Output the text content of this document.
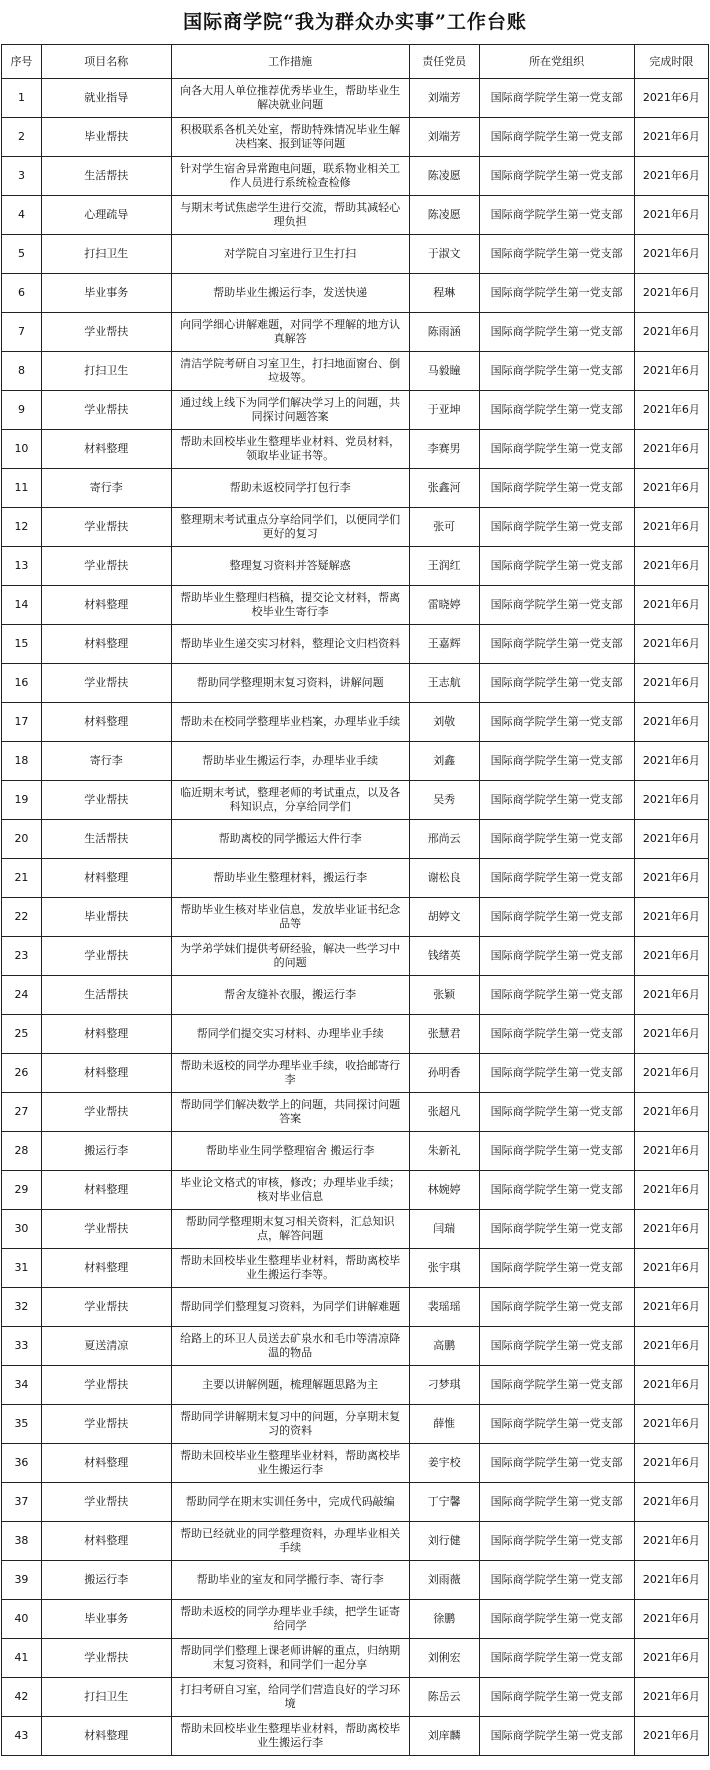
国际商学院“我为群众办实事”工作台账
序号	项目名称	工作措施	责任党员	所在党组织	完成时限
1	就业指导	向各大用人单位推荐优秀毕业生，帮助毕业生解决就业问题	刘端芳	国际商学院学生第一党支部	2021年6月
2	毕业帮扶	积极联系各机关处室，帮助特殊情况毕业生解决档案、报到证等问题	刘端芳	国际商学院学生第一党支部	2021年6月
3	生活帮扶	针对学生宿舍异常跑电问题，联系物业相关工作人员进行系统检查检修	陈凌愿	国际商学院学生第一党支部	2021年6月
4	心理疏导	与期末考试焦虑学生进行交流，帮助其减轻心理负担	陈凌愿	国际商学院学生第一党支部	2021年6月
5	打扫卫生	对学院自习室进行卫生打扫	于淑文	国际商学院学生第一党支部	2021年6月
6	毕业事务	帮助毕业生搬运行李，发送快递	程琳	国际商学院学生第一党支部	2021年6月
7	学业帮扶	向同学细心讲解难题，对同学不理解的地方认真解答	陈雨涵	国际商学院学生第一党支部	2021年6月
8	打扫卫生	清洁学院考研自习室卫生，打扫地面窗台、倒垃圾等。	马毅瞳	国际商学院学生第一党支部	2021年6月
9	学业帮扶	通过线上线下为同学们解决学习上的问题，共同探讨问题答案	于亚坤	国际商学院学生第一党支部	2021年6月
10	材料整理	帮助未回校毕业生整理毕业材料、党员材料，领取毕业证书等。	李赛男	国际商学院学生第一党支部	2021年6月
11	寄行李	帮助未返校同学打包行李	张鑫河	国际商学院学生第一党支部	2021年6月
12	学业帮扶	整理期末考试重点分享给同学们，以便同学们更好的复习	张可	国际商学院学生第一党支部	2021年6月
13	学业帮扶	整理复习资料并答疑解惑	王润红	国际商学院学生第一党支部	2021年6月
14	材料整理	帮助毕业生整理归档稿，提交论文材料，帮离校毕业生寄行李	雷晓婷	国际商学院学生第一党支部	2021年6月
15	材料整理	帮助毕业生递交实习材料，整理论文归档资料	王嘉辉	国际商学院学生第一党支部	2021年6月
16	学业帮扶	帮助同学整理期末复习资料，讲解问题	王志航	国际商学院学生第一党支部	2021年6月
17	材料整理	帮助未在校同学整理毕业档案，办理毕业手续	刘敬	国际商学院学生第一党支部	2021年6月
18	寄行李	帮助毕业生搬运行李，办理毕业手续	刘鑫	国际商学院学生第一党支部	2021年6月
19	学业帮扶	临近期末考试，整理老师的考试重点，以及各科知识点，分享给同学们	吴秀	国际商学院学生第一党支部	2021年6月
20	生活帮扶	帮助离校的同学搬运大件行李	邢尚云	国际商学院学生第一党支部	2021年6月
21	材料整理	帮助毕业生整理材料，搬运行李	谢松良	国际商学院学生第一党支部	2021年6月
22	毕业帮扶	帮助毕业生核对毕业信息，发放毕业证书纪念品等	胡婷文	国际商学院学生第一党支部	2021年6月
23	学业帮扶	为学弟学妹们提供考研经验，解决一些学习中的问题	钱绪英	国际商学院学生第一党支部	2021年6月
24	生活帮扶	帮舍友缝补衣服，搬运行李	张颖	国际商学院学生第一党支部	2021年6月
25	材料整理	帮同学们提交实习材料、办理毕业手续	张慧君	国际商学院学生第一党支部	2021年6月
26	材料整理	帮助未返校的同学办理毕业手续，收拾邮寄行李	孙明香	国际商学院学生第一党支部	2021年6月
27	学业帮扶	帮助同学们解决数学上的问题，共同探讨问题答案	张超凡	国际商学院学生第一党支部	2021年6月
28	搬运行李	帮助毕业生同学整理宿舍 搬运行李	朱新礼	国际商学院学生第一党支部	2021年6月
29	材料整理	毕业论文格式的审核，修改；办理毕业手续；核对毕业信息	林婉婷	国际商学院学生第一党支部	2021年6月
30	学业帮扶	帮助同学整理期末复习相关资料，汇总知识点，解答问题	闫瑞	国际商学院学生第一党支部	2021年6月
31	材料整理	帮助未回校毕业生整理毕业材料，帮助离校毕业生搬运行李等。	张宇琪	国际商学院学生第一党支部	2021年6月
32	学业帮扶	帮助同学们整理复习资料，为同学们讲解难题	裴瑶瑶	国际商学院学生第一党支部	2021年6月
33	夏送清凉	给路上的环卫人员送去矿泉水和毛巾等清凉降温的物品	高鹏	国际商学院学生第一党支部	2021年6月
34	学业帮扶	主要以讲解例题，梳理解题思路为主	刁梦琪	国际商学院学生第一党支部	2021年6月
35	学业帮扶	帮助同学讲解期末复习中的问题，分享期末复习的资料	薛惟	国际商学院学生第一党支部	2021年6月
36	材料整理	帮助未回校毕业生整理毕业材料，帮助离校毕业生搬运行李	姜宇校	国际商学院学生第一党支部	2021年6月
37	学业帮扶	帮助同学在期末实训任务中，完成代码敲编	丁宁馨	国际商学院学生第一党支部	2021年6月
38	材料整理	帮助已经就业的同学整理资料，办理毕业相关手续	刘行健	国际商学院学生第一党支部	2021年6月
39	搬运行李	帮助毕业的室友和同学搬行李、寄行李	刘雨薇	国际商学院学生第一党支部	2021年6月
40	毕业事务	帮助未返校的同学办理毕业手续，把学生证寄给同学	徐鹏	国际商学院学生第一党支部	2021年6月
41	学业帮扶	帮助同学们整理上课老师讲解的重点，归纳期末复习资料，和同学们一起分享	刘俐宏	国际商学院学生第一党支部	2021年6月
42	打扫卫生	打扫考研自习室，给同学们营造良好的学习环境	陈岳云	国际商学院学生第一党支部	2021年6月
43	材料整理	帮助未回校毕业生整理毕业材料，帮助离校毕业生搬运行李	刘庠麟	国际商学院学生第一党支部	2021年6月
